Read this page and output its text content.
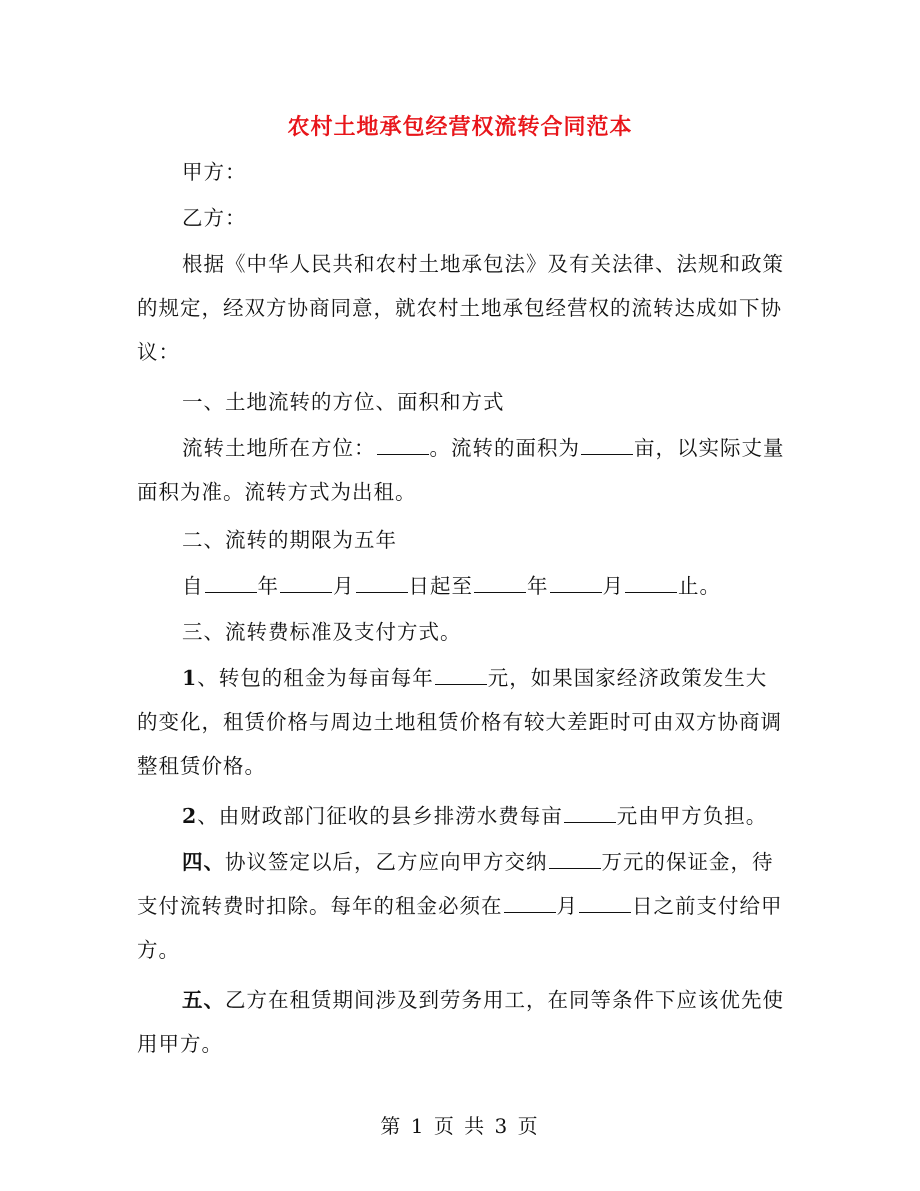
农村土地承包经营权流转合同范本

甲方：

乙方：

根据《中华人民共和农村土地承包法》及有关法律、法规和政策的规定，经双方协商同意，就农村土地承包经营权的流转达成如下协议：

一、土地流转的方位、面积和方式

流转土地所在方位：	。流转的面积为	亩，以实际丈量面积为准。流转方式为出租。

二、流转的期限为五年

自	年	月	日起至	年	月	止。

三、流转费标准及支付方式。

1、转包的租金为每亩每年	元，如果国家经济政策发生大的变化，租赁价格与周边土地租赁价格有较大差距时可由双方协商调整租赁价格。

2、由财政部门征收的县乡排涝水费每亩	元由甲方负担。

四、协议签定以后，乙方应向甲方交纳	万元的保证金，待支付流转费时扣除。每年的租金必须在	月	日之前支付给甲方。

五、乙方在租赁期间涉及到劳务用工，在同等条件下应该优先使用甲方。

第 1 页 共 3 页
